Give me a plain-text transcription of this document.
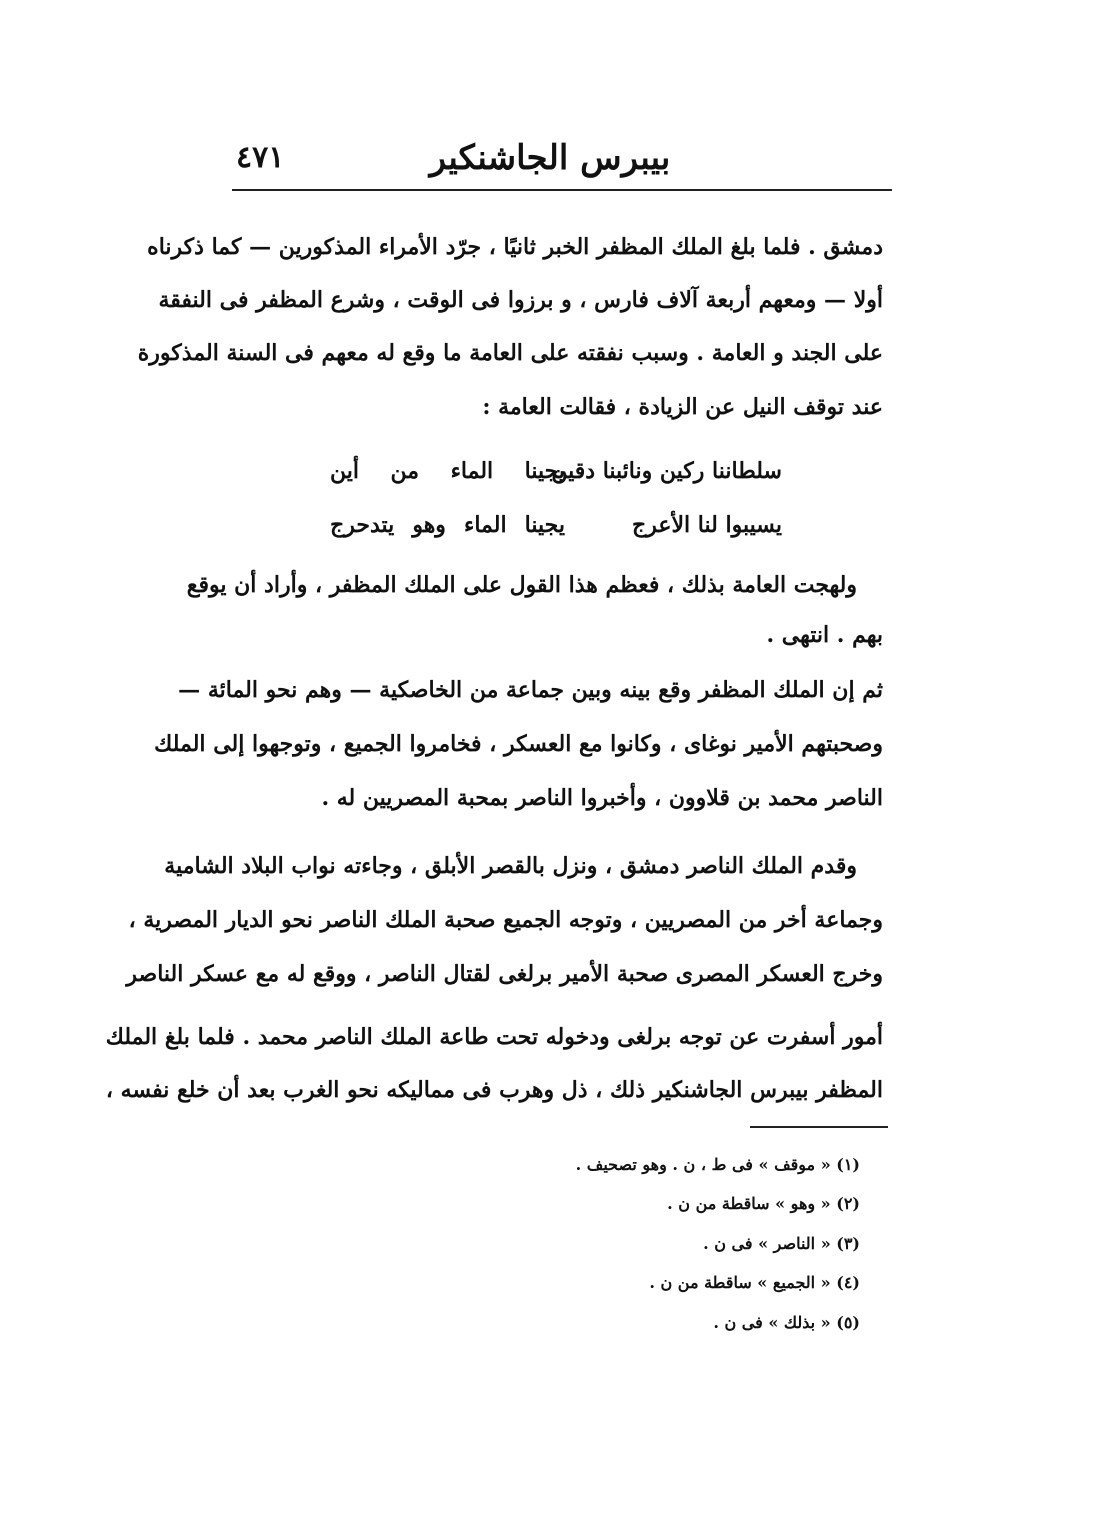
بيبرس الجاشنكير
٤٧١
دمشق . فلما بلغ الملك المظفر الخبر ثانيًا ، جرّد الأمراء المذكورين — كما ذكرناه
أولا — ومعهم أربعة آلاف فارس ، و برزوا فى الوقت ، وشرع المظفر فى النفقة
على الجند و العامة . وسبب نفقته على العامة ما وقع له معهم فى السنة المذكورة
عند توقف النيل عن الزيادة ، فقالت العامة :
سلطاننا ركين ونائبنا دقين
يجينا الماء من أين
يسيبوا لنا الأعرج
يجينا الماء وهو يتدحرج
ولهجت العامة بذلك ، فعظم هذا القول على الملك المظفر ، وأراد أن يوقع
بهم . انتهى .
ثم إن الملك المظفر وقع بينه وبين جماعة من الخاصكية — وهم نحو المائة —
وصحبتهم الأمير نوغاى ، وكانوا مع العسكر ، فخامروا الجميع ، وتوجهوا إلى الملك
الناصر محمد بن قلاوون ، وأخبروا الناصر بمحبة المصريين له .
وقدم الملك الناصر دمشق ، ونزل بالقصر الأبلق ، وجاءته نواب البلاد الشامية
وجماعة أخر من المصريين ، وتوجه الجميع صحبة الملك الناصر نحو الديار المصرية ،
وخرج العسكر المصرى صحبة الأمير برلغى لقتال الناصر ، ووقع له مع عسكر الناصر
أمور أسفرت عن توجه برلغى ودخوله تحت طاعة الملك الناصر محمد . فلما بلغ الملك
المظفر بيبرس الجاشنكير ذلك ، ذل وهرب فى مماليكه نحو الغرب بعد أن خلع نفسه ،
(١) « موقف » فى ط ، ن . وهو تصحيف .
(٢) « وهو » ساقطة من ن .
(٣) « الناصر » فى ن .
(٤) « الجميع » ساقطة من ن .
(٥) « بذلك » فى ن .
